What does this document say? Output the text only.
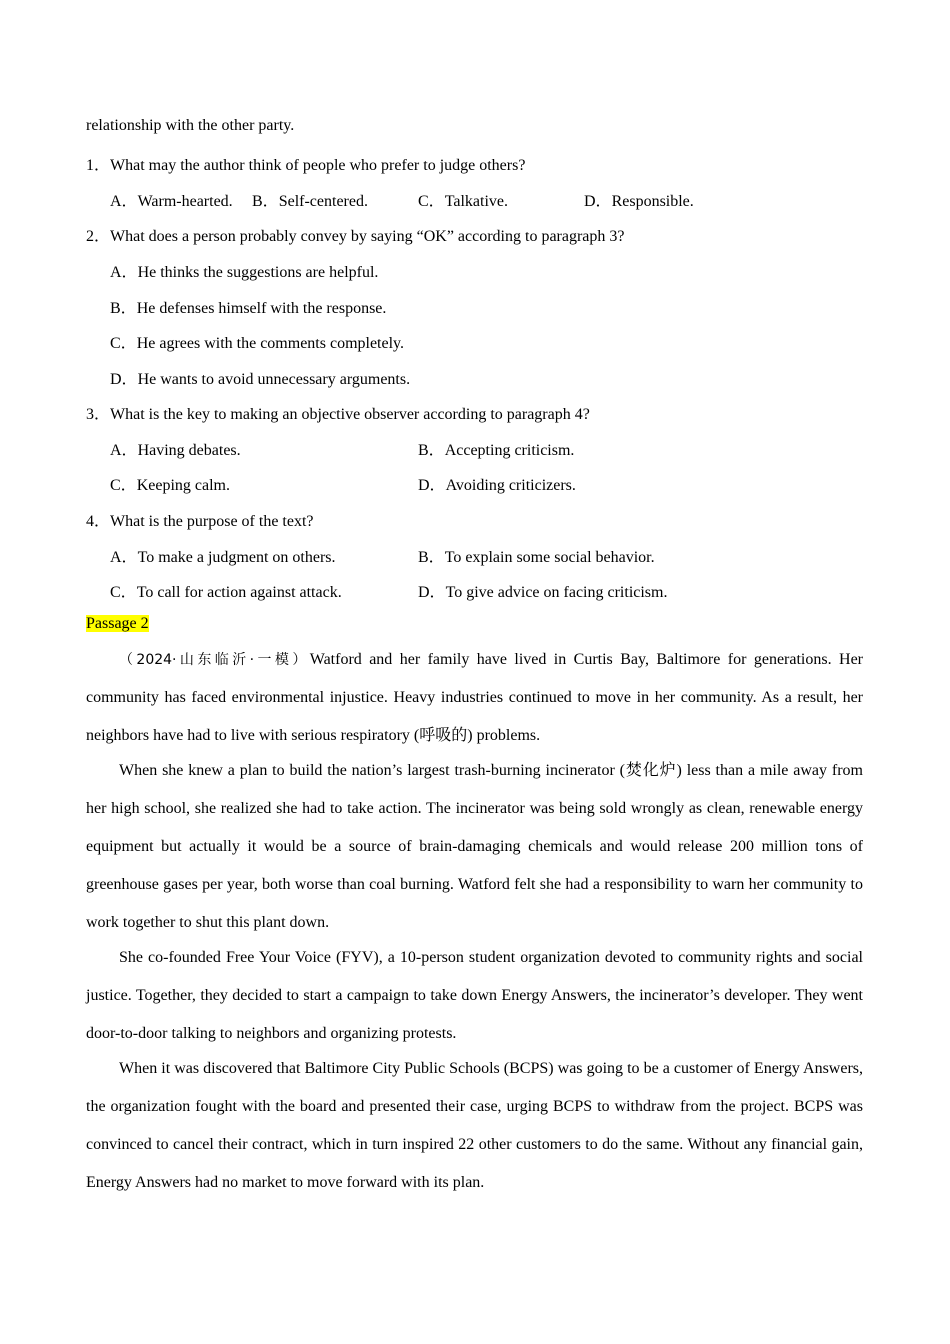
relationship with the other party.
1．What may the author think of people who prefer to judge others?
A．Warm-hearted. B．Self-centered.	C．Talkative.	D．Responsible.
2．What does a person probably convey by saying “OK” according to paragraph 3?
A．He thinks the suggestions are helpful.
B．He defenses himself with the response.
C．He agrees with the comments completely.
D．He wants to avoid unnecessary arguments.
3．What is the key to making an objective observer according to paragraph 4?
A．Having debates.	B．Accepting criticism.
C．Keeping calm.	D．Avoiding criticizers.
4．What is the purpose of the text?
A．To make a judgment on others.	B．To explain some social behavior.
C．To call for action against attack.	D．To give advice on facing criticism.
Passage 2

（2024·山东临沂·一模）Watford and her family have lived in Curtis Bay, Baltimore for generations. Her community has faced environmental injustice. Heavy industries continued to move in her community. As a result, her neighbors have had to live with serious respiratory (呼吸的) problems.

When she knew a plan to build the nation’s largest trash-burning incinerator (焚化炉) less than a mile away from her high school, she realized she had to take action. The incinerator was being sold wrongly as clean, renewable energy equipment but actually it would be a source of brain-damaging chemicals and would release 200 million tons of greenhouse gases per year, both worse than coal burning. Watford felt she had a responsibility to warn her community to work together to shut this plant down.

She co-founded Free Your Voice (FYV), a 10-person student organization devoted to community rights and social justice. Together, they decided to start a campaign to take down Energy Answers, the incinerator’s developer. They went door-to-door talking to neighbors and organizing protests.

When it was discovered that Baltimore City Public Schools (BCPS) was going to be a customer of Energy Answers, the organization fought with the board and presented their case, urging BCPS to withdraw from the project. BCPS was convinced to cancel their contract, which in turn inspired 22 other customers to do the same. Without any financial gain, Energy Answers had no market to move forward with its plan.
